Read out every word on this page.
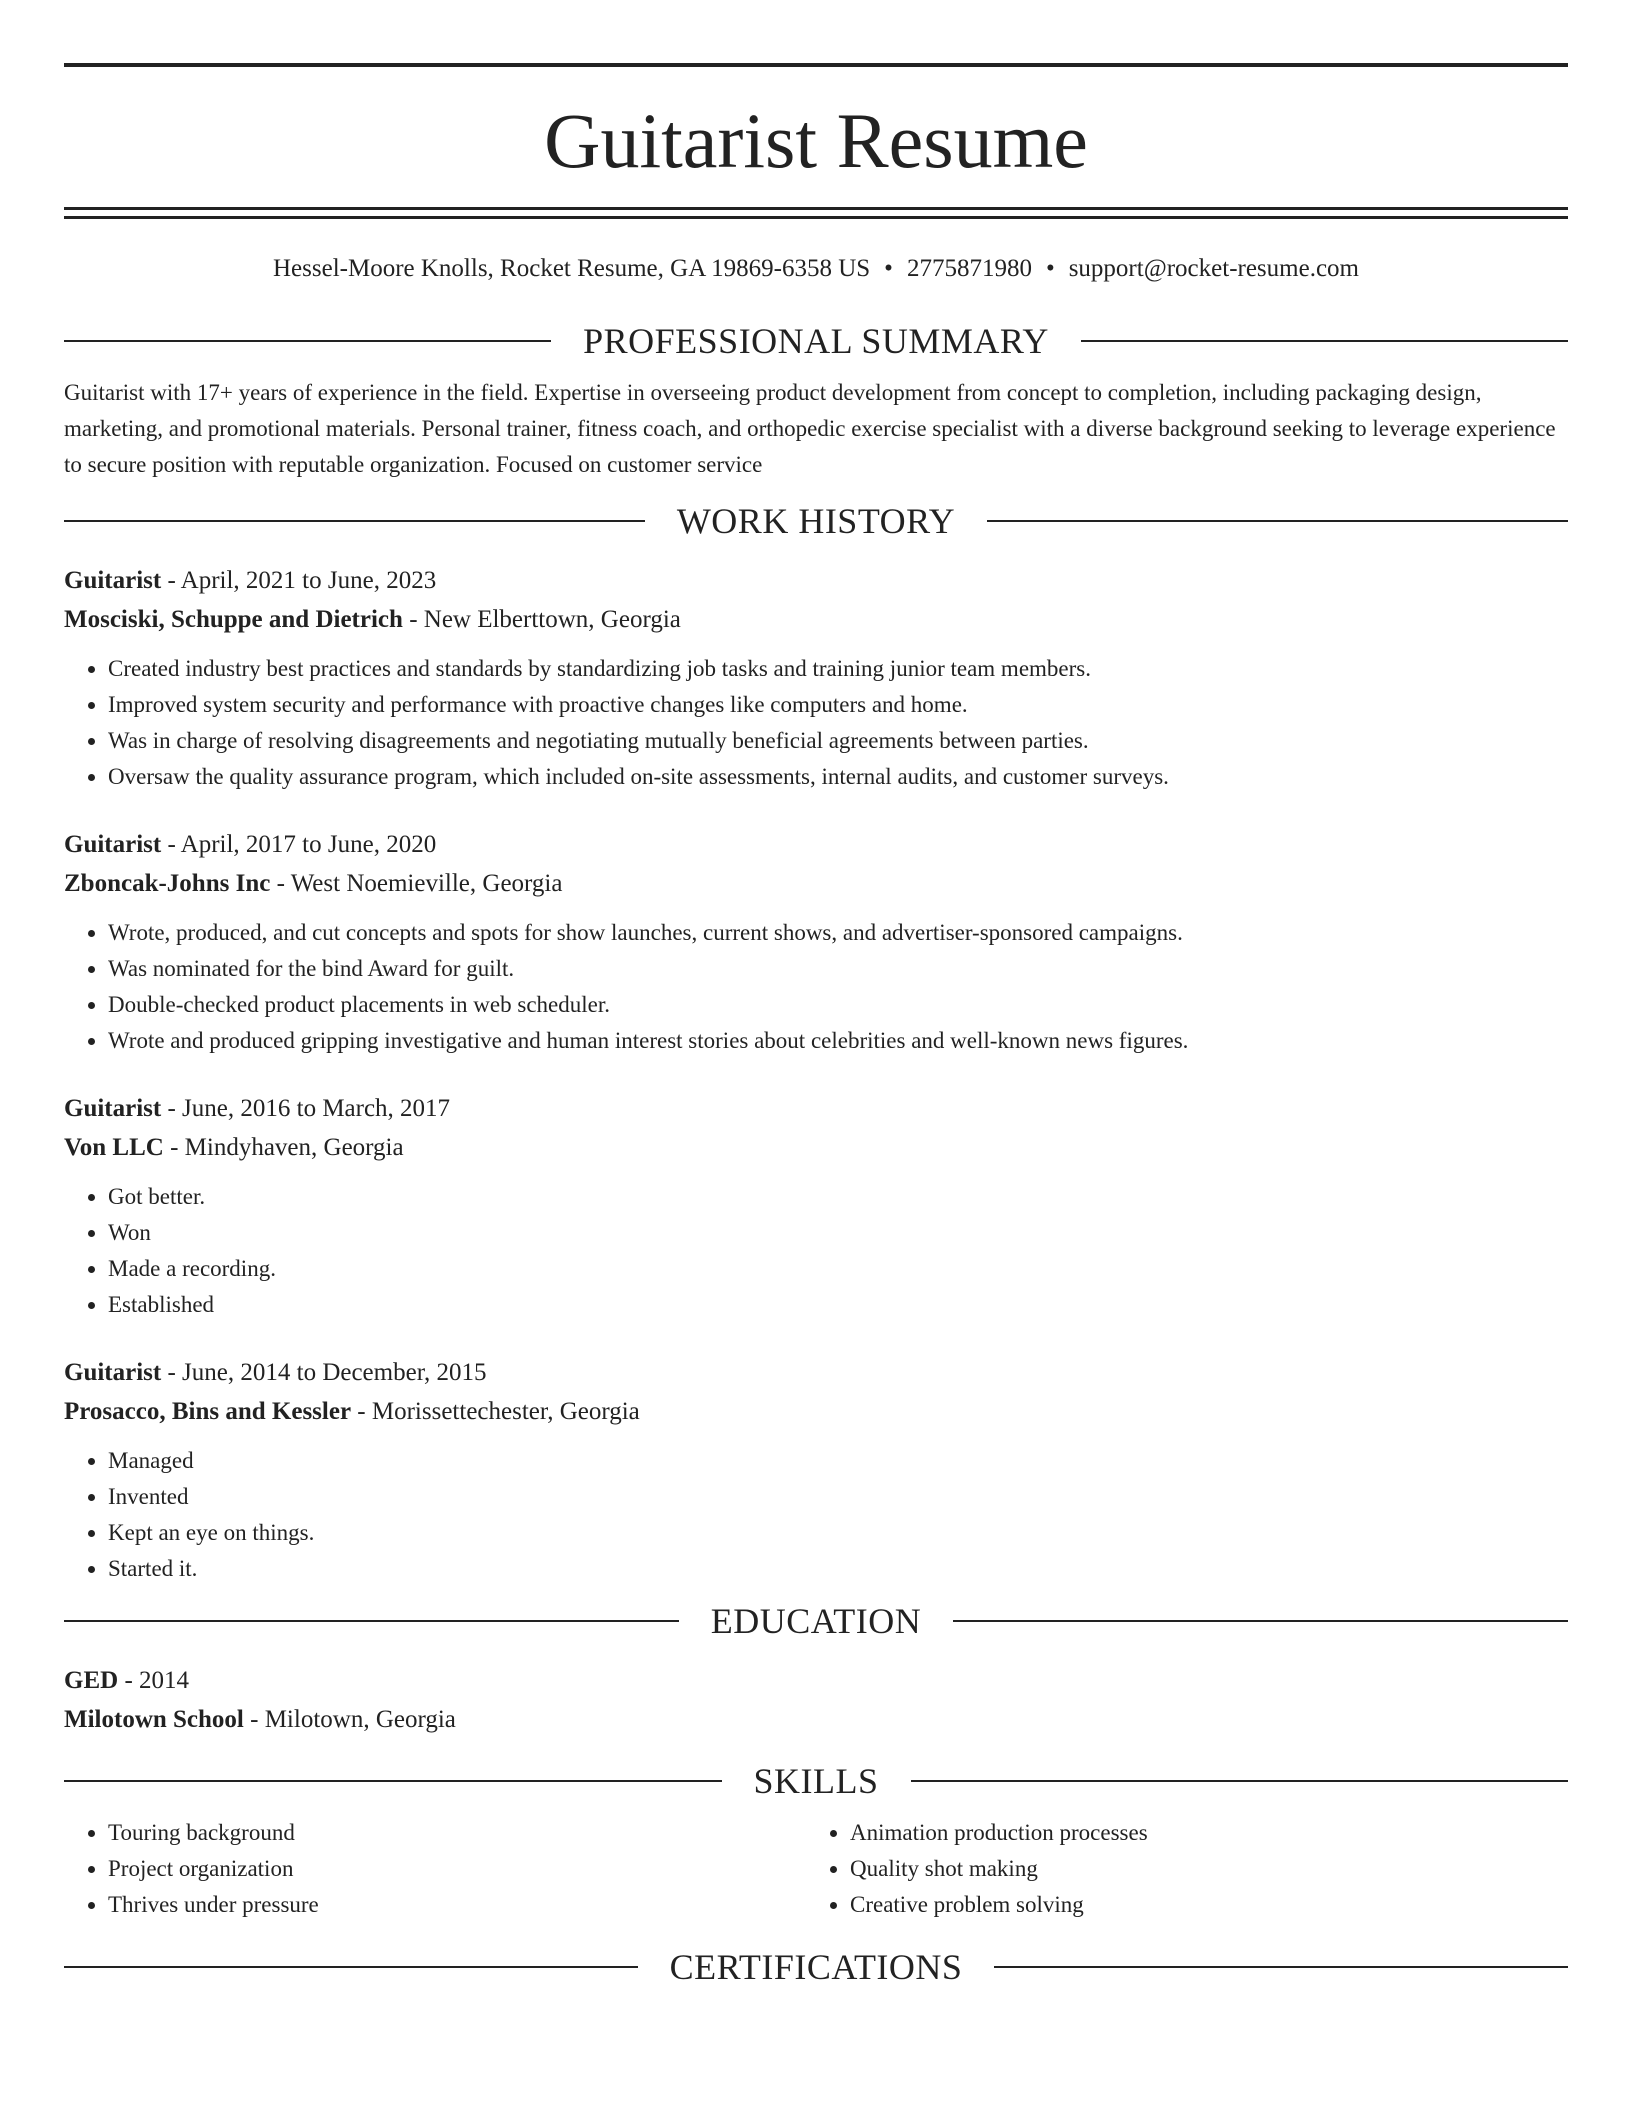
Guitarist Resume
Hessel-Moore Knolls, Rocket Resume, GA 19869-6358 US • 2775871980 • support@rocket-resume.com
PROFESSIONAL SUMMARY
Guitarist with 17+ years of experience in the field. Expertise in overseeing product development from concept to completion, including packaging design, marketing, and promotional materials. Personal trainer, fitness coach, and orthopedic exercise specialist with a diverse background seeking to leverage experience to secure position with reputable organization. Focused on customer service
WORK HISTORY
Guitarist - April, 2021 to June, 2023
Mosciski, Schuppe and Dietrich - New Elberttown, Georgia
• Created industry best practices and standards by standardizing job tasks and training junior team members.
• Improved system security and performance with proactive changes like computers and home.
• Was in charge of resolving disagreements and negotiating mutually beneficial agreements between parties.
• Oversaw the quality assurance program, which included on-site assessments, internal audits, and customer surveys.
Guitarist - April, 2017 to June, 2020
Zboncak-Johns Inc - West Noemieville, Georgia
• Wrote, produced, and cut concepts and spots for show launches, current shows, and advertiser-sponsored campaigns.
• Was nominated for the bind Award for guilt.
• Double-checked product placements in web scheduler.
• Wrote and produced gripping investigative and human interest stories about celebrities and well-known news figures.
Guitarist - June, 2016 to March, 2017
Von LLC - Mindyhaven, Georgia
• Got better.
• Won
• Made a recording.
• Established
Guitarist - June, 2014 to December, 2015
Prosacco, Bins and Kessler - Morissettechester, Georgia
• Managed
• Invented
• Kept an eye on things.
• Started it.
EDUCATION
GED - 2014
Milotown School - Milotown, Georgia
SKILLS
• Touring background
• Project organization
• Thrives under pressure
• Animation production processes
• Quality shot making
• Creative problem solving
CERTIFICATIONS
